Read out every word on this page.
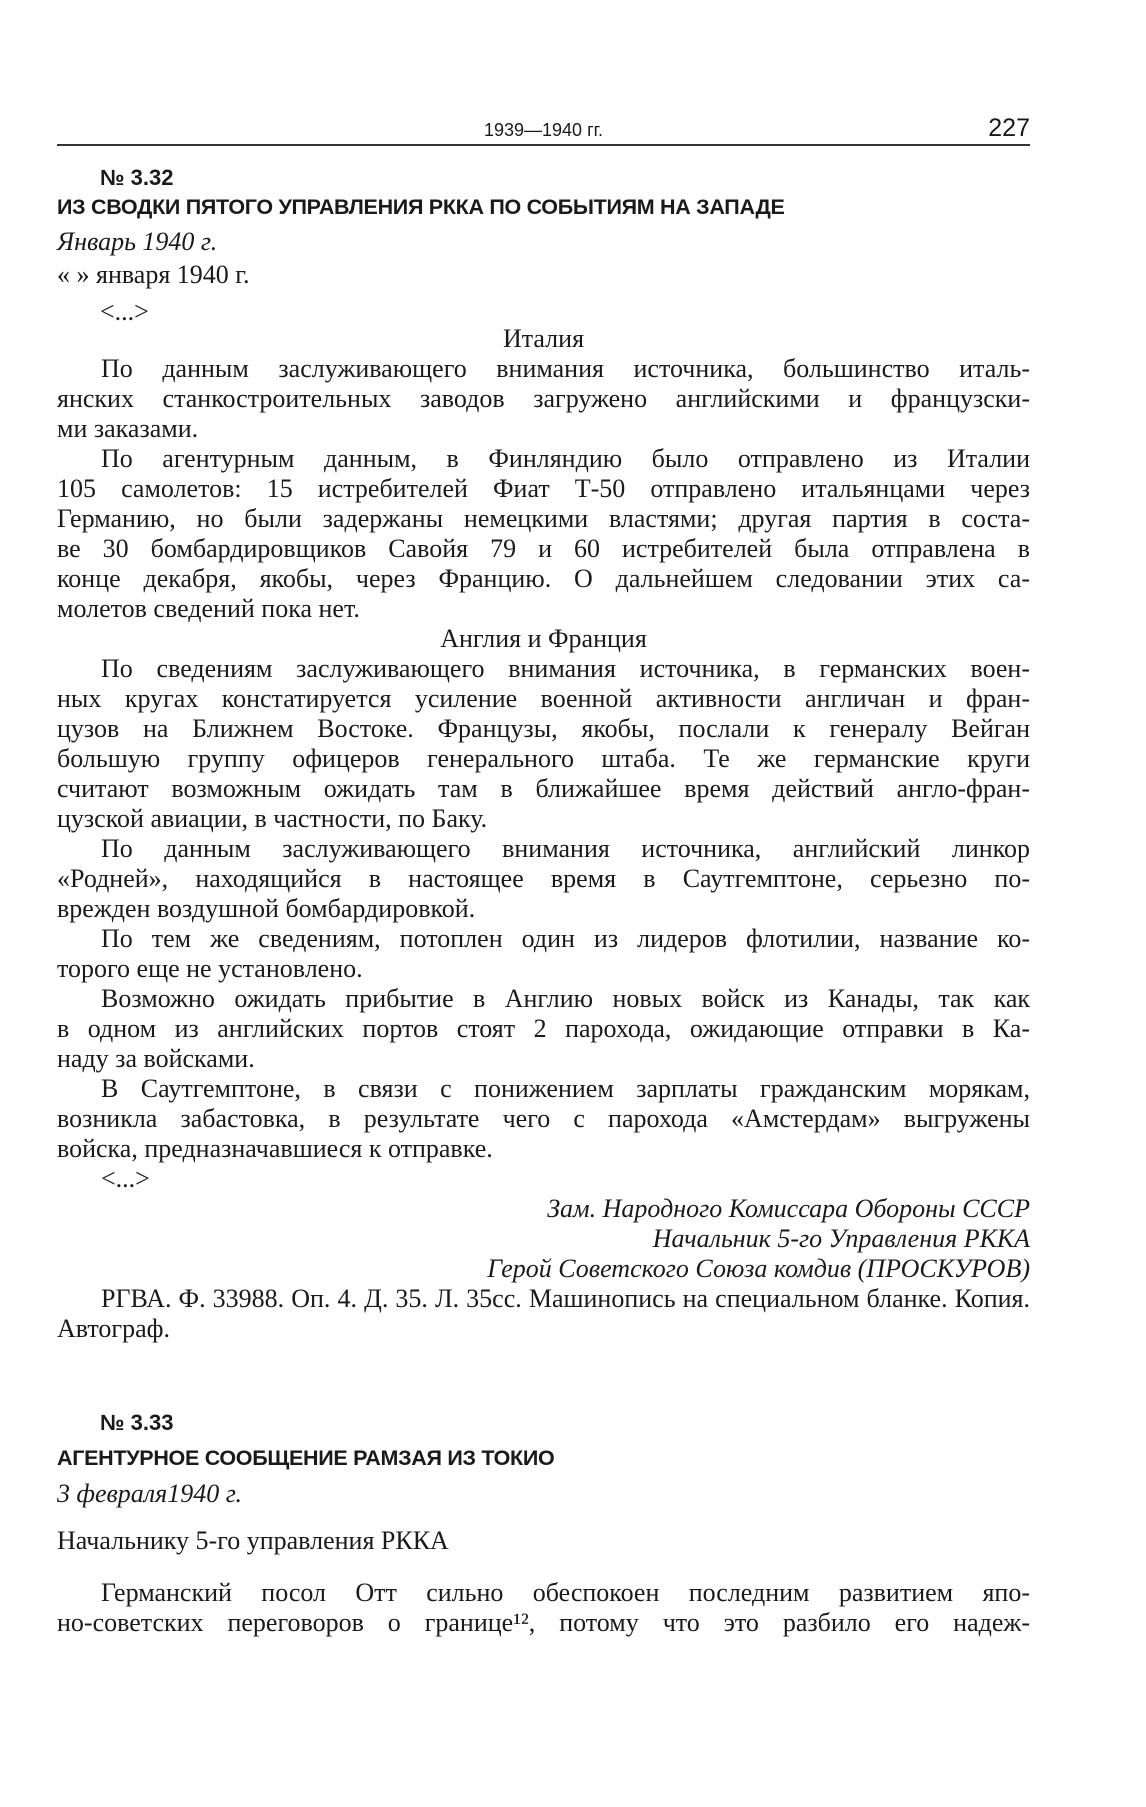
1939—1940 гг.	227
№ 3.32
ИЗ СВОДКИ ПЯТОГО УПРАВЛЕНИЯ РККА ПО СОБЫТИЯМ НА ЗАПАДЕ
Январь 1940 г.
« » января 1940 г.
<...>
Италия
По данным заслуживающего внимания источника, большинство италь-
янских станкостроительных заводов загружено английскими и французски-
ми заказами.
По агентурным данным, в Финляндию было отправлено из Италии
105 самолетов: 15 истребителей Фиат Т-50 отправлено итальянцами через
Германию, но были задержаны немецкими властями; другая партия в соста-
ве 30 бомбардировщиков Савойя 79 и 60 истребителей была отправлена в
конце декабря, якобы, через Францию. О дальнейшем следовании этих са-
молетов сведений пока нет.
Англия и Франция
По сведениям заслуживающего внимания источника, в германских воен-
ных кругах констатируется усиление военной активности англичан и фран-
цузов на Ближнем Востоке. Французы, якобы, послали к генералу Вейган
большую группу офицеров генерального штаба. Те же германские круги
считают возможным ожидать там в ближайшее время действий англо-фран-
цузской авиации, в частности, по Баку.
По данным заслуживающего внимания источника, английский линкор
«Родней», находящийся в настоящее время в Саутгемптоне, серьезно по-
врежден воздушной бомбардировкой.
По тем же сведениям, потоплен один из лидеров флотилии, название ко-
торого еще не установлено.
Возможно ожидать прибытие в Англию новых войск из Канады, так как
в одном из английских портов стоят 2 парохода, ожидающие отправки в Ка-
наду за войсками.
В Саутгемптоне, в связи с понижением зарплаты гражданским морякам,
возникла забастовка, в результате чего с парохода «Амстердам» выгружены
войска, предназначавшиеся к отправке.
<...>
Зам. Народного Комиссара Обороны СССР
Начальник 5-го Управления РККА
Герой Советского Союза комдив (ПРОСКУРОВ)
РГВА. Ф. 33988. Оп. 4. Д. 35. Л. 35сс. Машинопись на специальном бланке. Копия.
Автограф.
№ 3.33
АГЕНТУРНОЕ СООБЩЕНИЕ РАМЗАЯ ИЗ ТОКИО
3 февраля1940 г.
Начальнику 5-го управления РККА
Германский посол Отт сильно обеспокоен последним развитием япо-
но-советских переговоров о границе¹², потому что это разбило его надеж-
